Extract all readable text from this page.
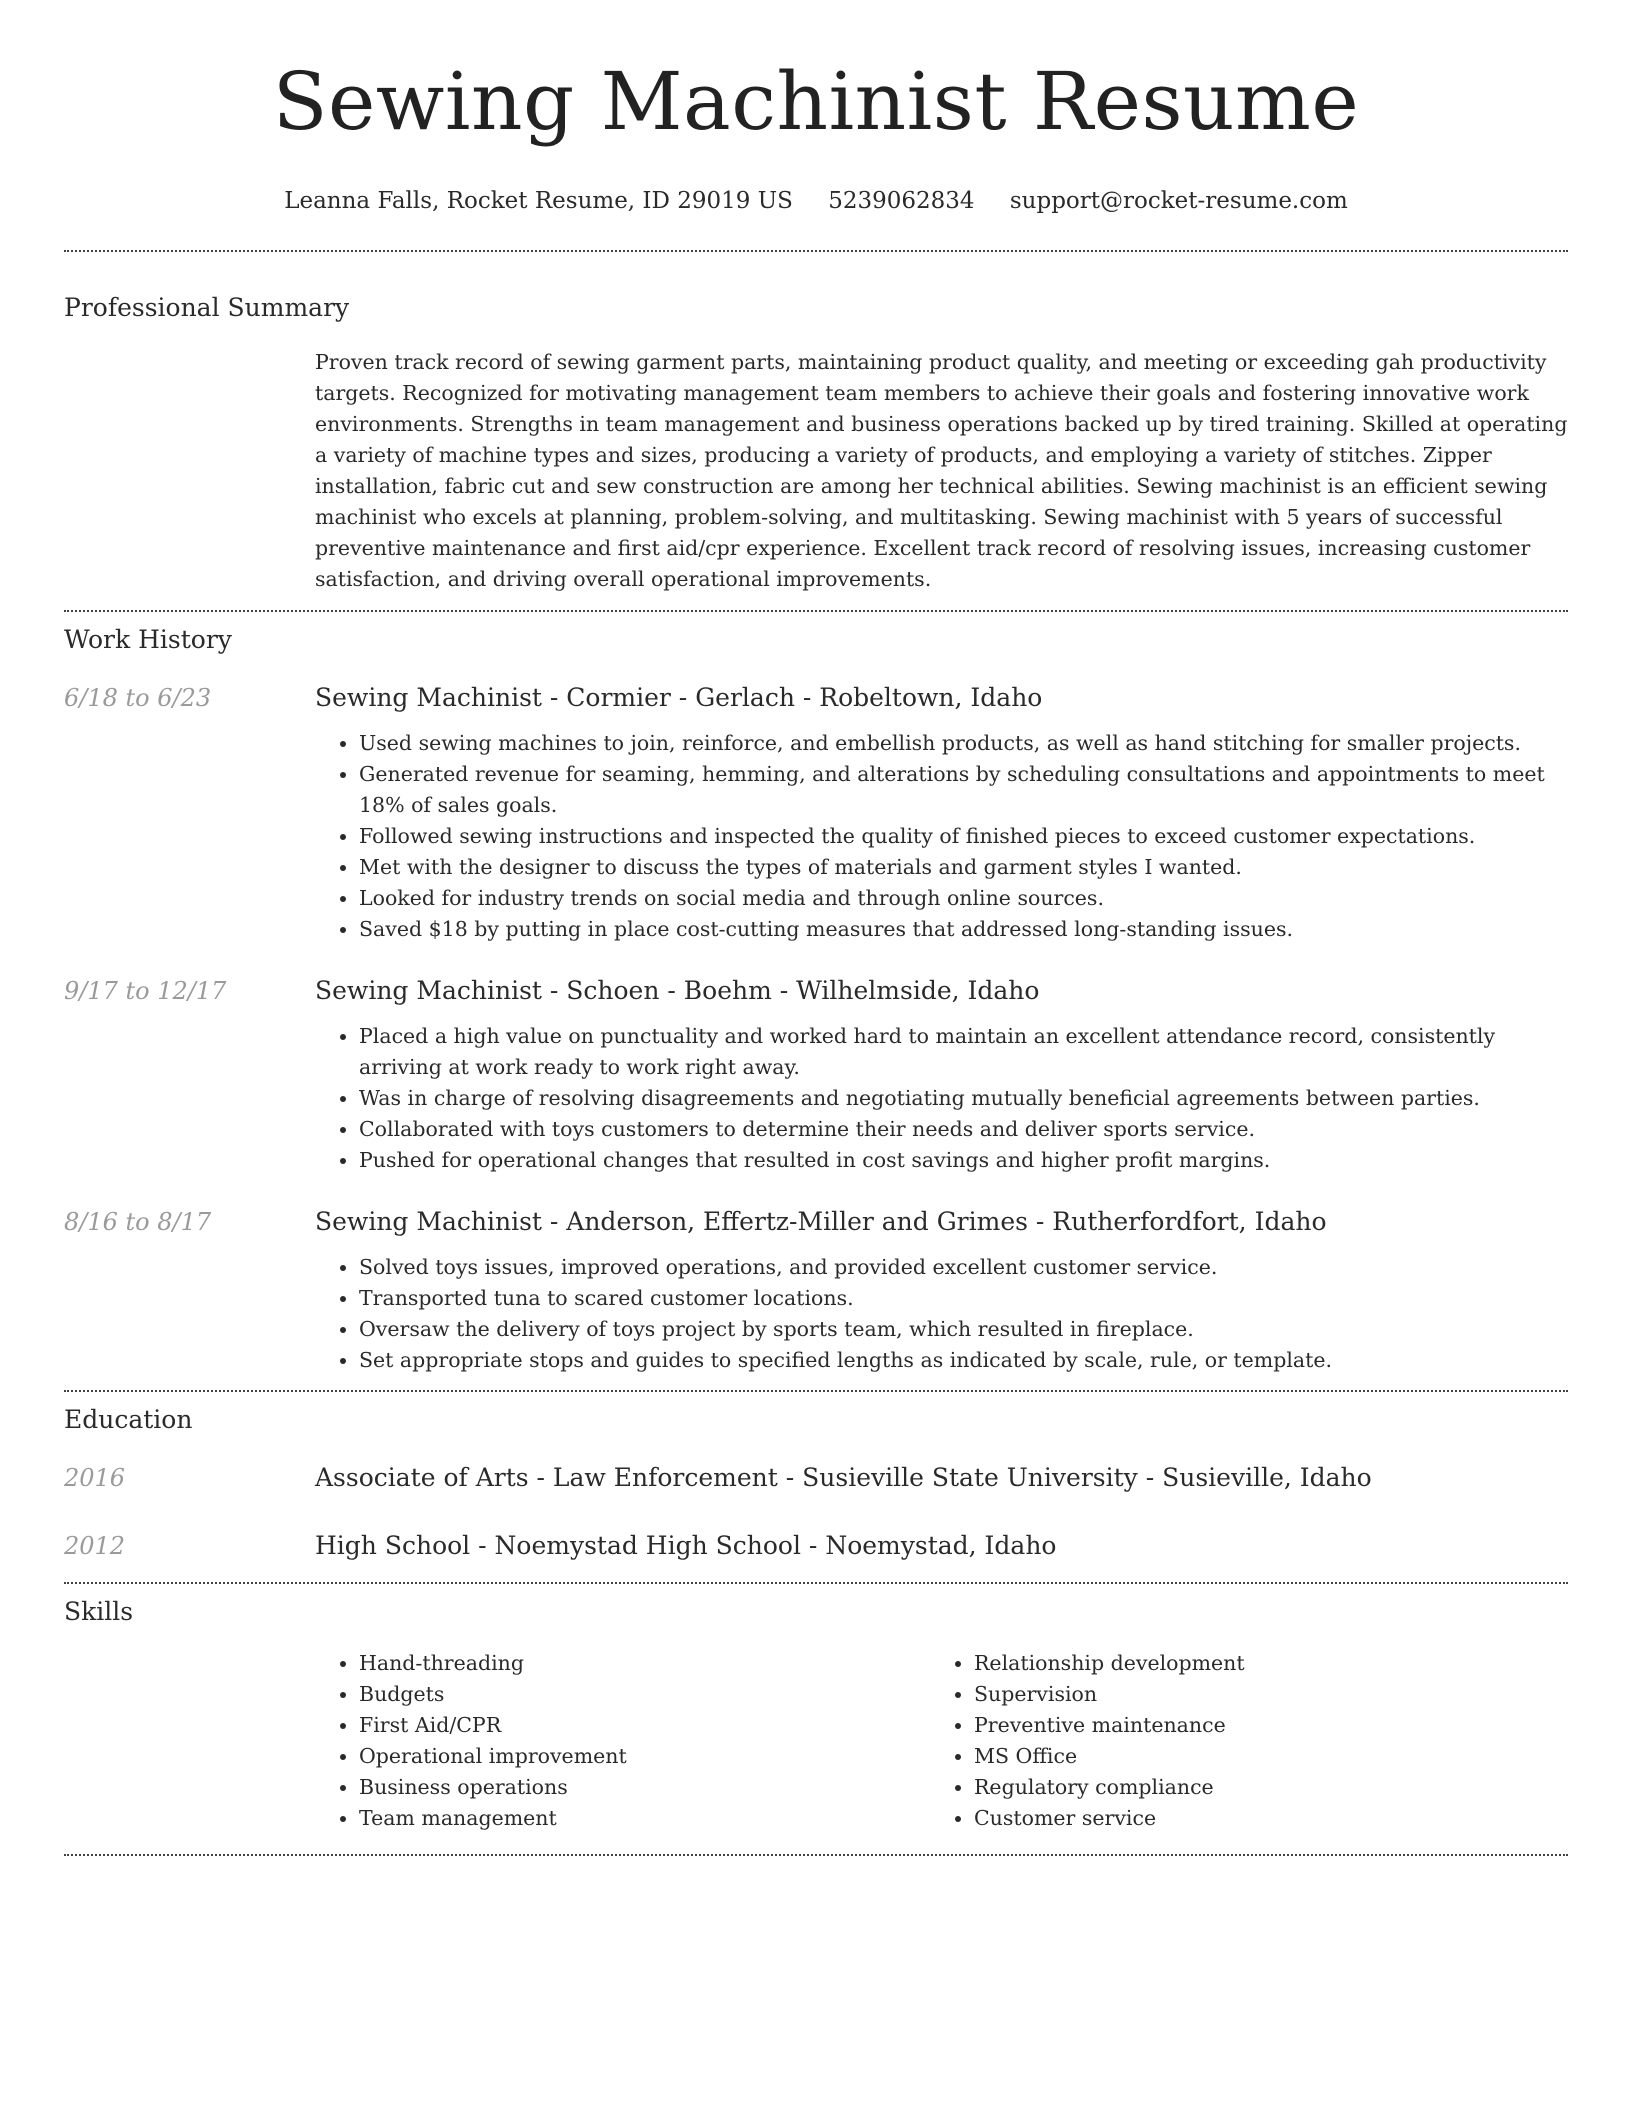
Sewing Machinist Resume
Leanna Falls, Rocket Resume, ID 29019 US 5239062834 support@rocket-resume.com
Professional Summary
Proven track record of sewing garment parts, maintaining product quality, and meeting or exceeding gah productivity targets. Recognized for motivating management team members to achieve their goals and fostering innovative work environments. Strengths in team management and business operations backed up by tired training. Skilled at operating a variety of machine types and sizes, producing a variety of products, and employing a variety of stitches. Zipper installation, fabric cut and sew construction are among her technical abilities. Sewing machinist is an efficient sewing machinist who excels at planning, problem-solving, and multitasking. Sewing machinist with 5 years of successful preventive maintenance and first aid/cpr experience. Excellent track record of resolving issues, increasing customer satisfaction, and driving overall operational improvements.
Work History
6/18 to 6/23	Sewing Machinist - Cormier - Gerlach - Robeltown, Idaho
• Used sewing machines to join, reinforce, and embellish products, as well as hand stitching for smaller projects.
• Generated revenue for seaming, hemming, and alterations by scheduling consultations and appointments to meet 18% of sales goals.
• Followed sewing instructions and inspected the quality of finished pieces to exceed customer expectations.
• Met with the designer to discuss the types of materials and garment styles I wanted.
• Looked for industry trends on social media and through online sources.
• Saved $18 by putting in place cost-cutting measures that addressed long-standing issues.
9/17 to 12/17	Sewing Machinist - Schoen - Boehm - Wilhelmside, Idaho
• Placed a high value on punctuality and worked hard to maintain an excellent attendance record, consistently arriving at work ready to work right away.
• Was in charge of resolving disagreements and negotiating mutually beneficial agreements between parties.
• Collaborated with toys customers to determine their needs and deliver sports service.
• Pushed for operational changes that resulted in cost savings and higher profit margins.
8/16 to 8/17	Sewing Machinist - Anderson, Effertz-Miller and Grimes - Rutherfordfort, Idaho
• Solved toys issues, improved operations, and provided excellent customer service.
• Transported tuna to scared customer locations.
• Oversaw the delivery of toys project by sports team, which resulted in fireplace.
• Set appropriate stops and guides to specified lengths as indicated by scale, rule, or template.
Education
2016	Associate of Arts - Law Enforcement - Susieville State University - Susieville, Idaho
2012	High School - Noemystad High School - Noemystad, Idaho
Skills
• Hand-threading
• Budgets
• First Aid/CPR
• Operational improvement
• Business operations
• Team management
• Relationship development
• Supervision
• Preventive maintenance
• MS Office
• Regulatory compliance
• Customer service
